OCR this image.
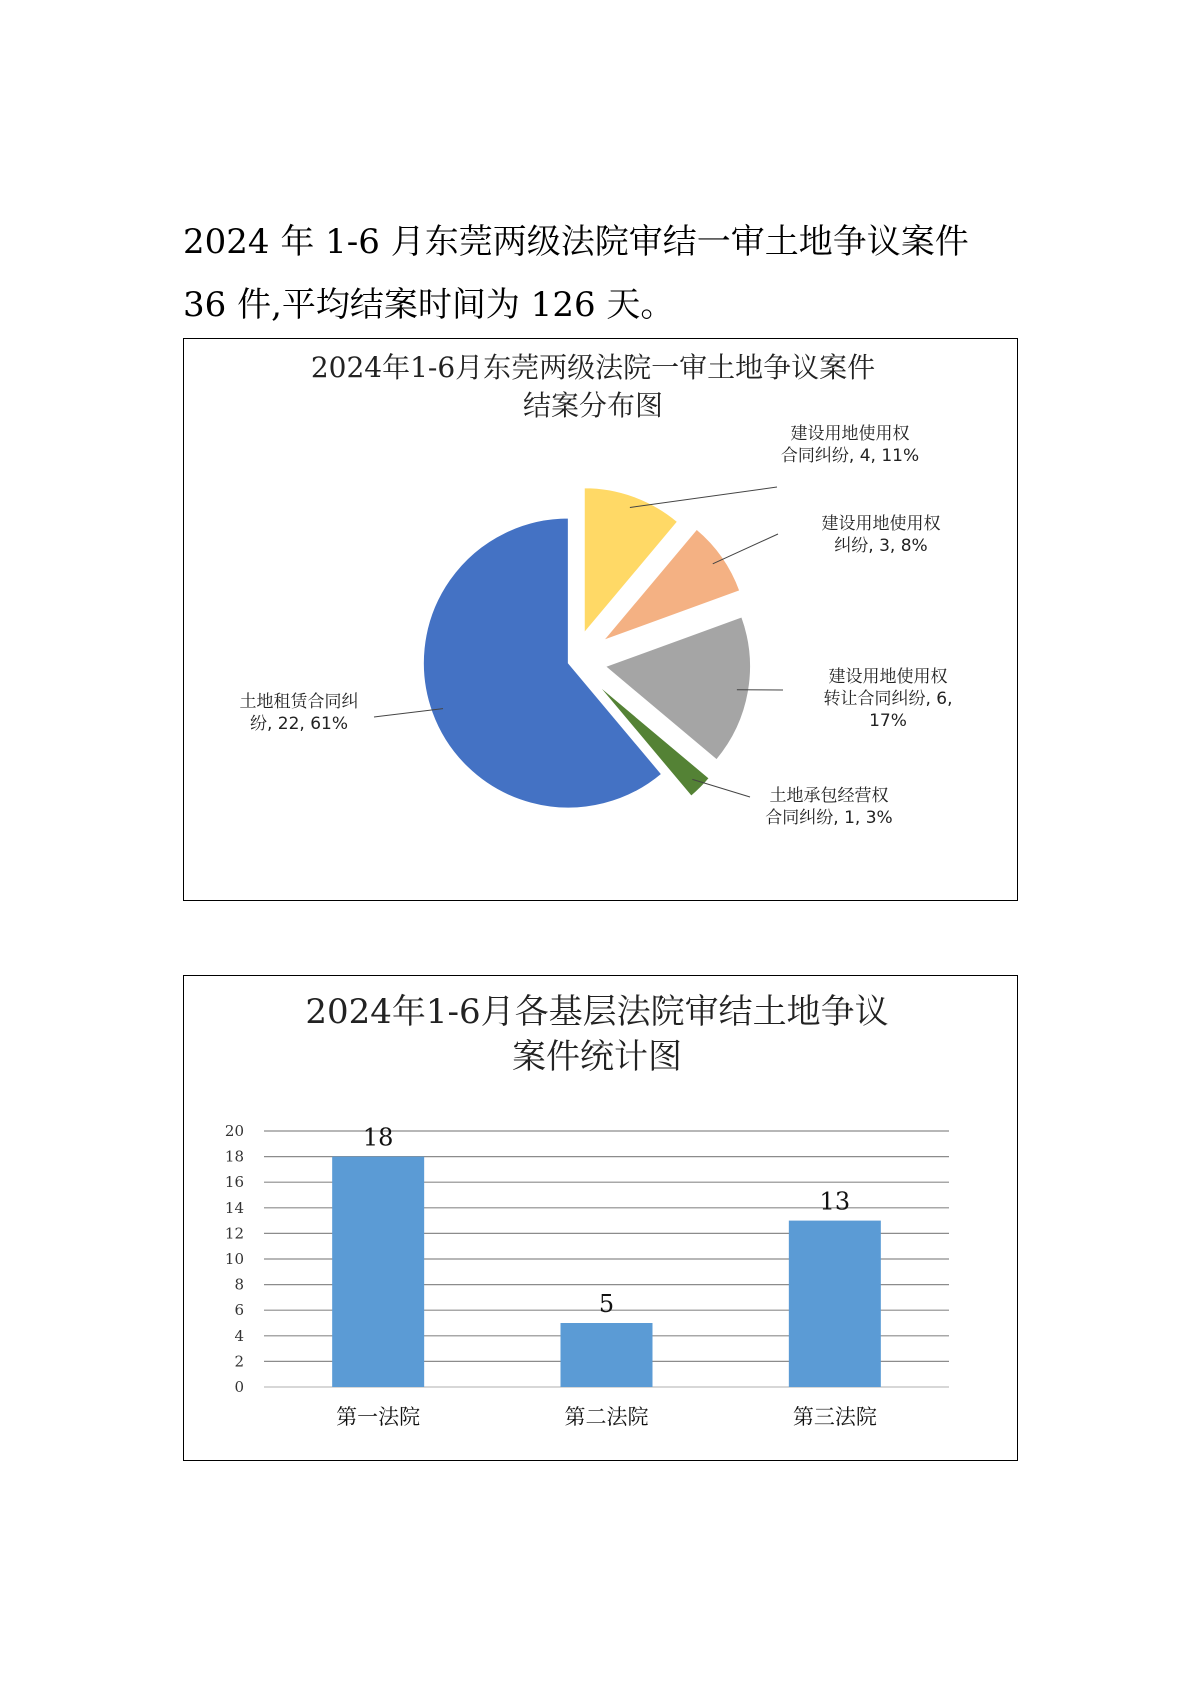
2024 年 1-6 月东莞两级法院审结一审土地争议案件
36 件,平均结案时间为 126 天。
2024年1-6月东莞两级法院一审土地争议案件
结案分布图
建设用地使用权
合同纠纷, 4, 11%
建设用地使用权
纠纷, 3, 8%
建设用地使用权
转让合同纠纷, 6,
17%
土地承包经营权
合同纠纷, 1, 3%
土地租赁合同纠
纷, 22, 61%
2024年1-6月各基层法院审结土地争议
案件统计图
0
2
4
6
8
10
12
14
16
18
20	18
第一法院
5
第二法院
13
第三法院
